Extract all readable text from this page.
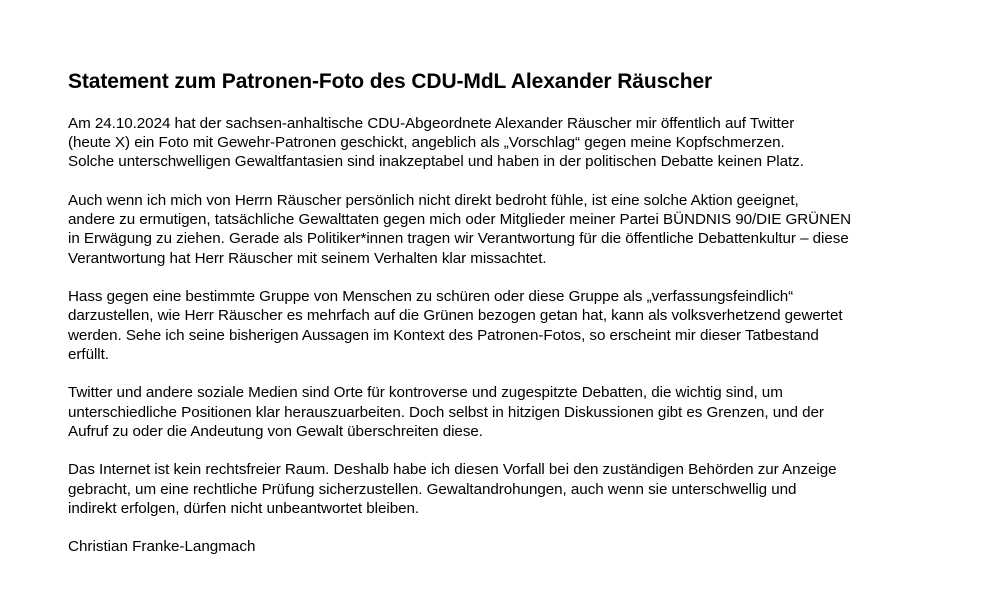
Statement zum Patronen-Foto des CDU-MdL Alexander Räuscher
Am 24.10.2024 hat der sachsen-anhaltische CDU-Abgeordnete Alexander Räuscher mir öffentlich auf Twitter
(heute X) ein Foto mit Gewehr-Patronen geschickt, angeblich als „Vorschlag“ gegen meine Kopfschmerzen.
Solche unterschwelligen Gewaltfantasien sind inakzeptabel und haben in der politischen Debatte keinen Platz.
Auch wenn ich mich von Herrn Räuscher persönlich nicht direkt bedroht fühle, ist eine solche Aktion geeignet,
andere zu ermutigen, tatsächliche Gewalttaten gegen mich oder Mitglieder meiner Partei BÜNDNIS 90/DIE GRÜNEN
in Erwägung zu ziehen. Gerade als Politiker*innen tragen wir Verantwortung für die öffentliche Debattenkultur – diese
Verantwortung hat Herr Räuscher mit seinem Verhalten klar missachtet.
Hass gegen eine bestimmte Gruppe von Menschen zu schüren oder diese Gruppe als „verfassungsfeindlich“
darzustellen, wie Herr Räuscher es mehrfach auf die Grünen bezogen getan hat, kann als volksverhetzend gewertet
werden. Sehe ich seine bisherigen Aussagen im Kontext des Patronen-Fotos, so erscheint mir dieser Tatbestand
erfüllt.
Twitter und andere soziale Medien sind Orte für kontroverse und zugespitzte Debatten, die wichtig sind, um
unterschiedliche Positionen klar herauszuarbeiten. Doch selbst in hitzigen Diskussionen gibt es Grenzen, und der
Aufruf zu oder die Andeutung von Gewalt überschreiten diese.
Das Internet ist kein rechtsfreier Raum. Deshalb habe ich diesen Vorfall bei den zuständigen Behörden zur Anzeige
gebracht, um eine rechtliche Prüfung sicherzustellen. Gewaltandrohungen, auch wenn sie unterschwellig und
indirekt erfolgen, dürfen nicht unbeantwortet bleiben.

Christian Franke-Langmach
